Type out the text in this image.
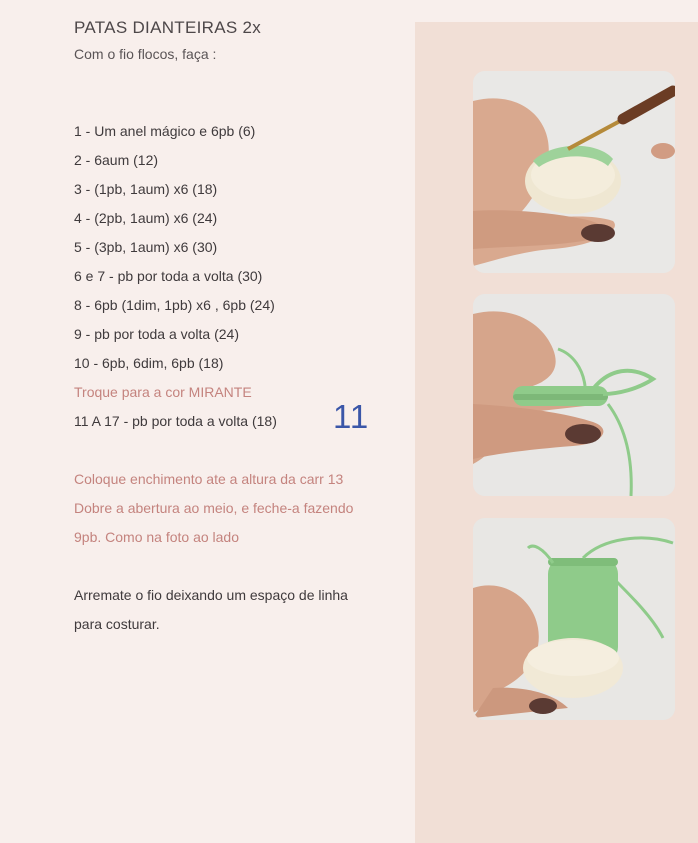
PATAS DIANTEIRAS 2x
Com o fio flocos, faça :
1 - Um anel mágico e 6pb (6)
2 - 6aum (12)
3 - (1pb, 1aum) x6 (18)
4 - (2pb, 1aum) x6 (24)
5 - (3pb, 1aum) x6 (30)
6 e 7 - pb por toda a volta (30)
8 - 6pb (1dim, 1pb) x6 , 6pb (24)
9 - pb por toda a volta (24)
10 - 6pb, 6dim, 6pb (18)
Troque para a cor MIRANTE
11 A 17 - pb por toda a volta (18) 11
Coloque enchimento ate a altura da carr 13
Dobre a abertura ao meio, e feche-a fazendo
9pb. Como na foto ao lado
Arremate o fio deixando um espaço de linha
para costurar.
